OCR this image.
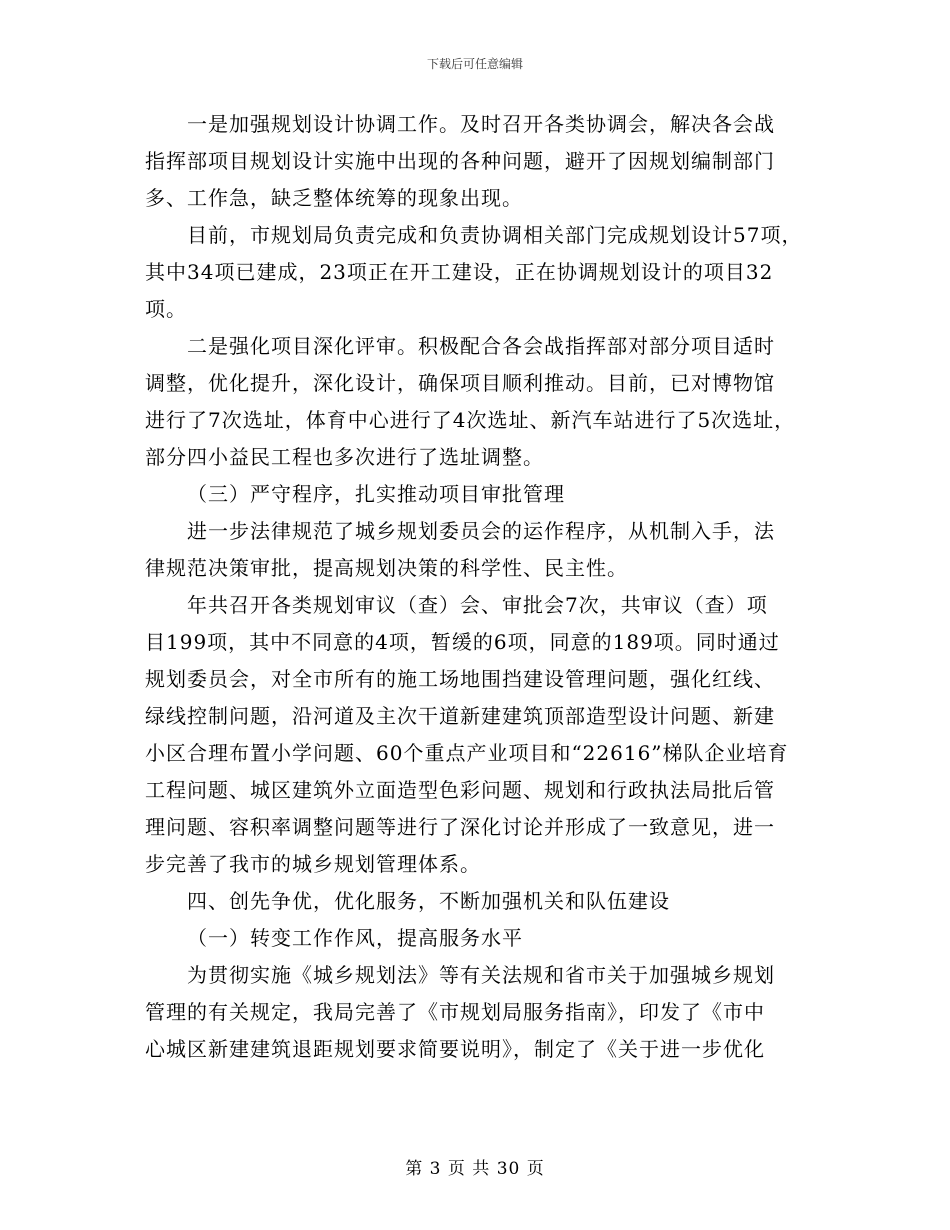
下载后可任意编辑

一是加强规划设计协调工作。及时召开各类协调会，解决各会战
指挥部项目规划设计实施中出现的各种问题，避开了因规划编制部门
多、工作急，缺乏整体统筹的现象出现。

目前，市规划局负责完成和负责协调相关部门完成规划设计57项，
其中34项已建成，23项正在开工建设，正在协调规划设计的项目32
项。

二是强化项目深化评审。积极配合各会战指挥部对部分项目适时
调整，优化提升，深化设计，确保项目顺利推动。目前，已对博物馆
进行了7次选址，体育中心进行了4次选址、新汽车站进行了5次选址，
部分四小益民工程也多次进行了选址调整。

（三）严守程序，扎实推动项目审批管理

进一步法律规范了城乡规划委员会的运作程序，从机制入手，法
律规范决策审批，提高规划决策的科学性、民主性。

年共召开各类规划审议（查）会、审批会7次，共审议（查）项
目199项，其中不同意的4项，暂缓的6项，同意的189项。同时通过
规划委员会，对全市所有的施工场地围挡建设管理问题，强化红线、
绿线控制问题，沿河道及主次干道新建建筑顶部造型设计问题、新建
小区合理布置小学问题、60个重点产业项目和“22616”梯队企业培育
工程问题、城区建筑外立面造型色彩问题、规划和行政执法局批后管
理问题、容积率调整问题等进行了深化讨论并形成了一致意见，进一
步完善了我市的城乡规划管理体系。

四、创先争优，优化服务，不断加强机关和队伍建设

（一）转变工作作风，提高服务水平

为贯彻实施《城乡规划法》等有关法规和省市关于加强城乡规划
管理的有关规定，我局完善了《市规划局服务指南》，印发了《市中
心城区新建建筑退距规划要求简要说明》，制定了《关于进一步优化

第 3 页 共 30 页
